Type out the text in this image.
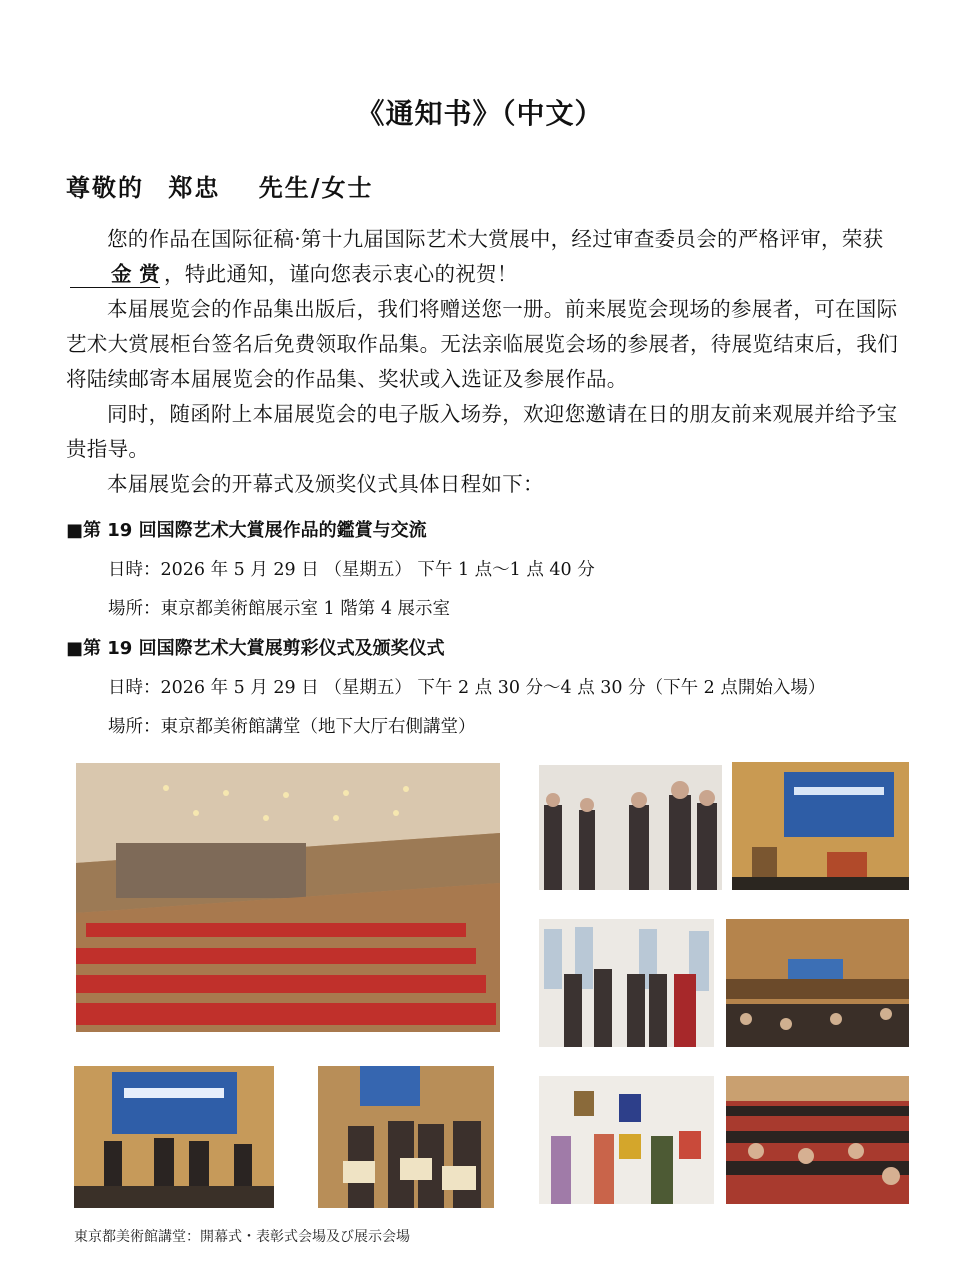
《通知书》（中文）
尊敬的 郑忠 先生/女士

您的作品在国际征稿·第十九届国际艺术大赏展中，经过审查委员会的严格评审，荣获金 赏 ，特此通知，谨向您表示衷心的祝贺！

本届展览会的作品集出版后，我们将赠送您一册。前来展览会现场的参展者，可在国际艺术大赏展柜台签名后免费领取作品集。无法亲临展览会场的参展者，待展览结束后，我们将陆续邮寄本届展览会的作品集、奖状或入选证及参展作品。

同时，随函附上本届展览会的电子版入场券，欢迎您邀请在日的朋友前来观展并给予宝贵指导。

本届展览会的开幕式及颁奖仪式具体日程如下：

■第 19 回国際艺术大賞展作品的鑑賞与交流
日時：2026 年 5 月 29 日 （星期五） 下午 1 点～1 点 40 分
場所：東京都美術館展示室 1 階第 4 展示室
■第 19 回国際艺术大賞展剪彩仪式及颁奖仪式
日時：2026 年 5 月 29 日 （星期五） 下午 2 点 30 分～4 点 30 分（下午 2 点開始入場）
場所：東京都美術館講堂（地下大厅右側講堂）
東京都美術館講堂：開幕式・表彰式会場及び展示会場
